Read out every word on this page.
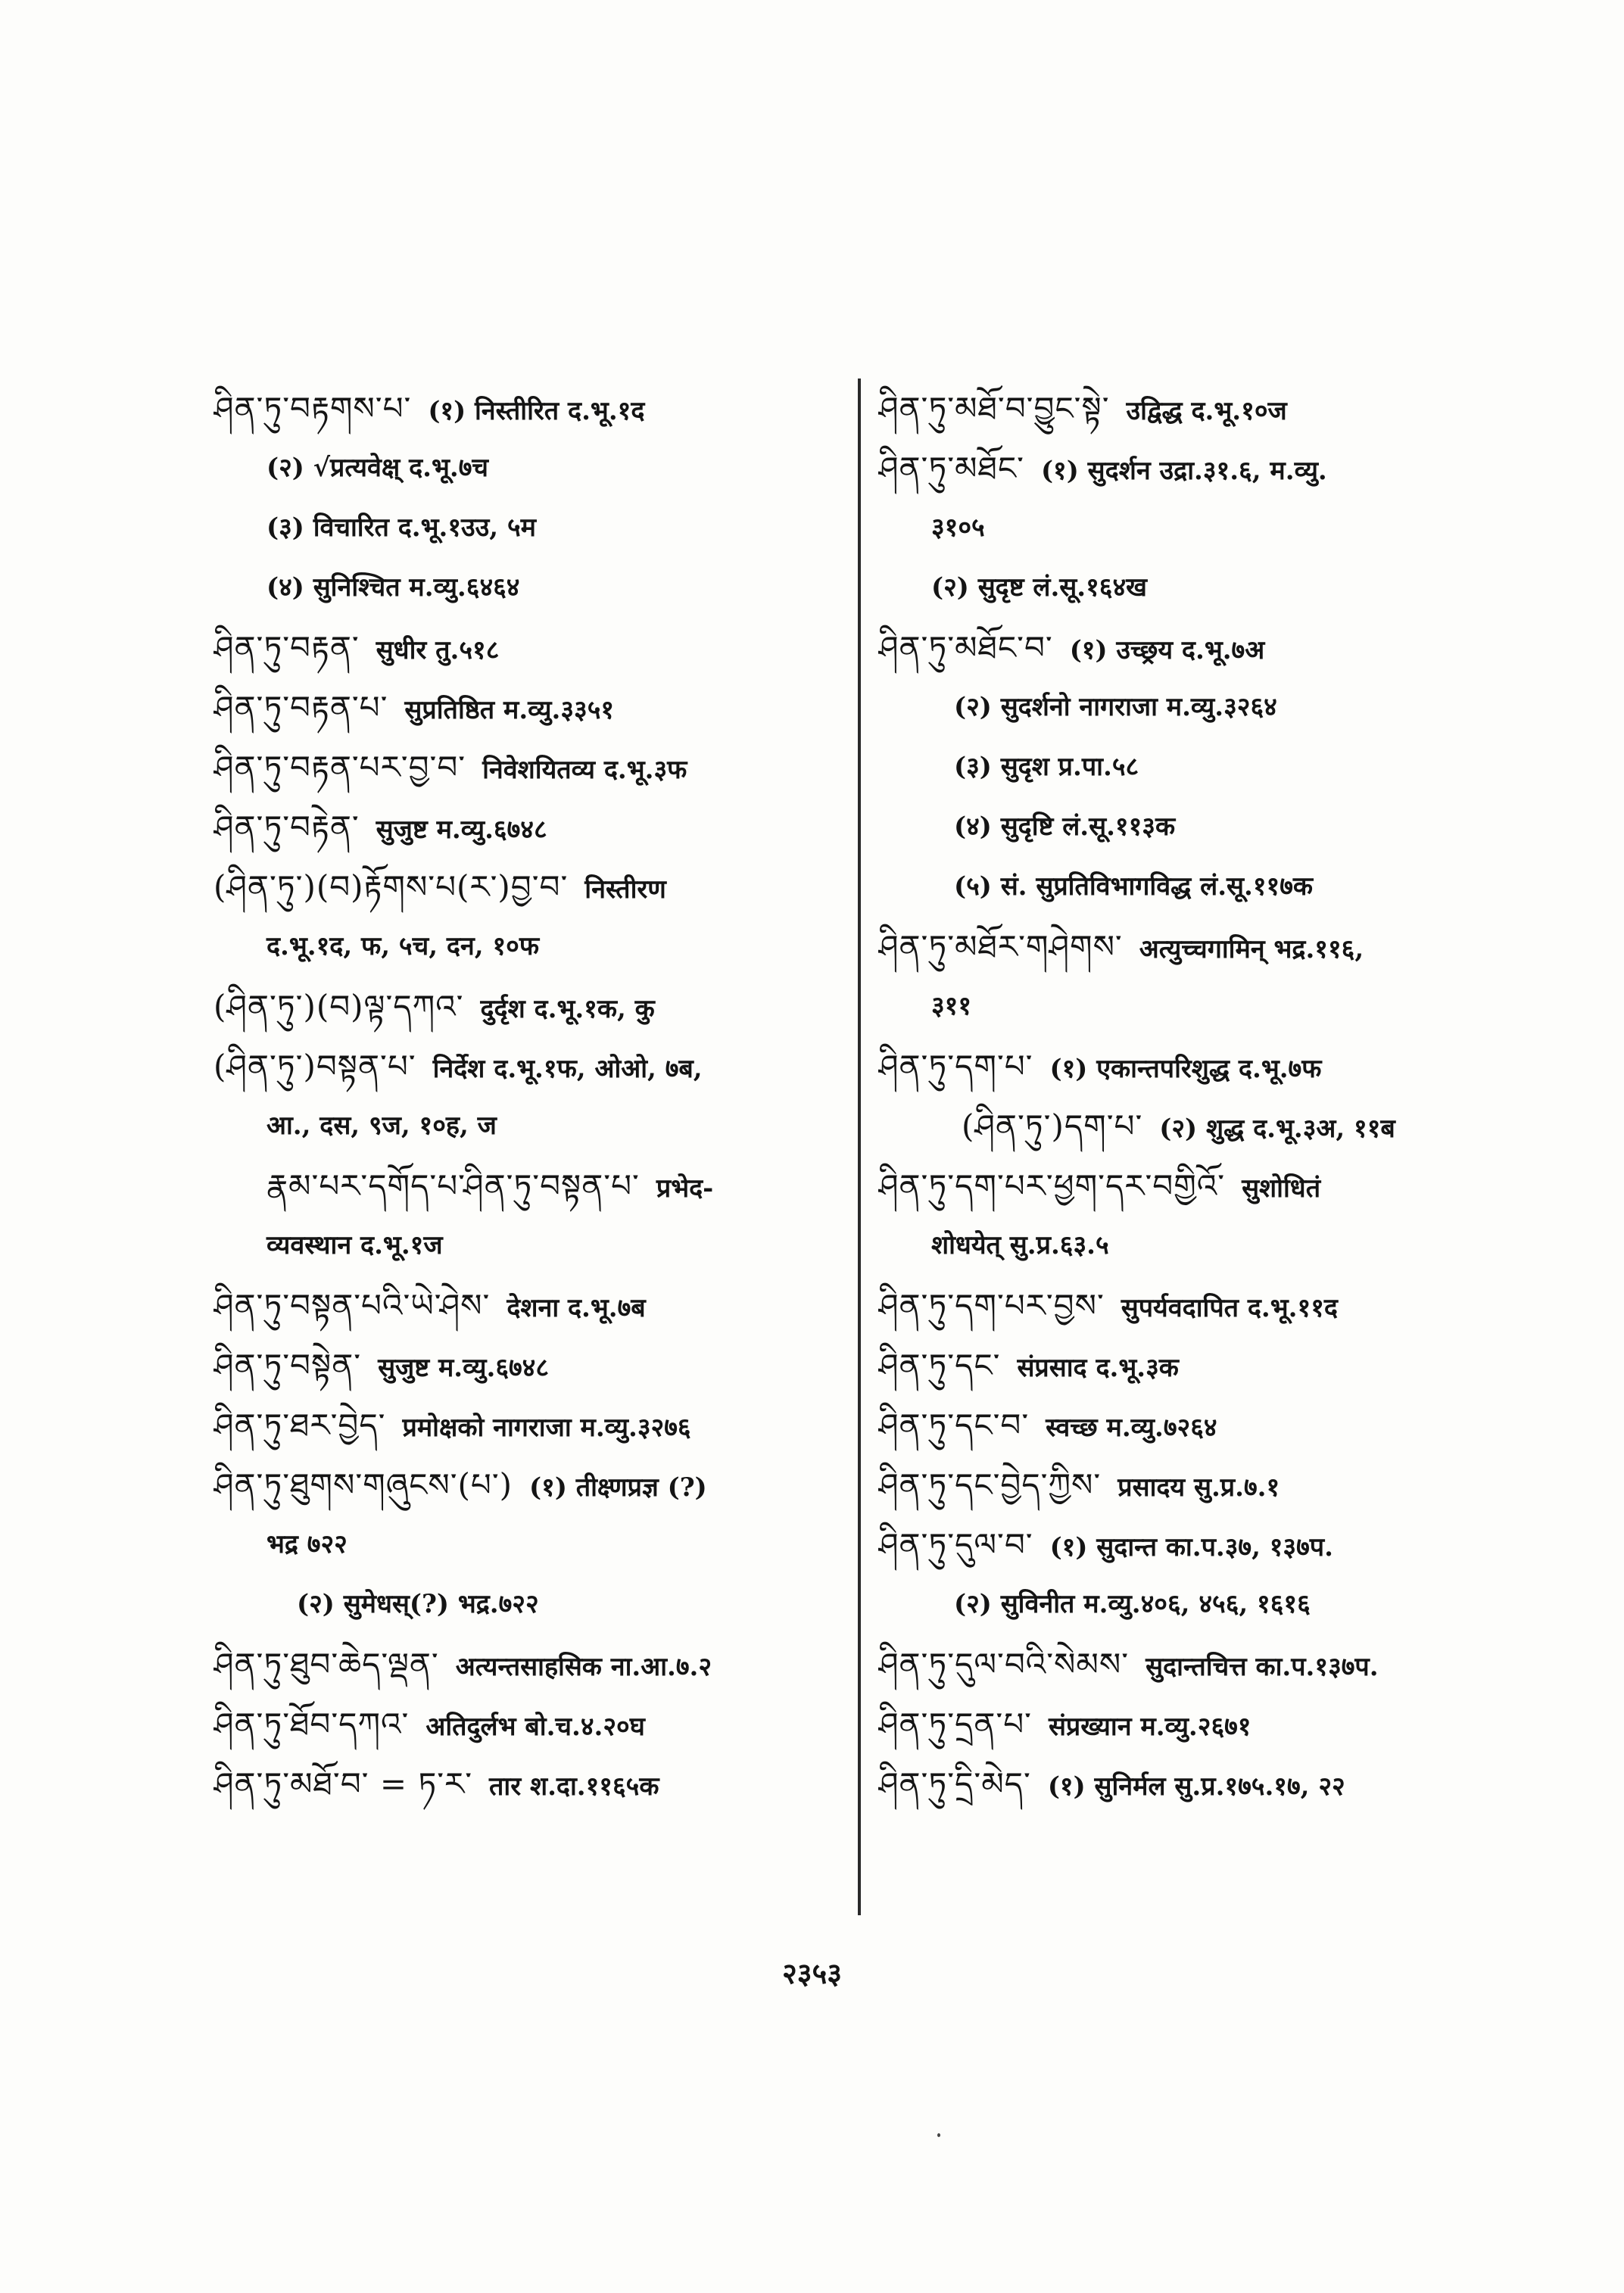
ཤིན་ཏུ་བརྟགས་པ་ (१) निस्तीरित द.भू.१द
(२) √प्रत्यवेक्ष् द.भू.७च
(३) विचारित द.भू.१उउ, ५म
(४) सुनिश्चित म.व्यु.६४६४
ཤིན་ཏུ་བརྟན་ सुधीर तु.५१८
ཤིན་ཏུ་བརྟན་པ་ सुप्रतिष्ठित म.व्यु.३३५१
ཤིན་ཏུ་བརྟན་པར་བྱ་བ་ निवेशयितव्य द.भू.३फ
ཤིན་ཏུ་བརྟེན་ सुजुष्ट म.व्यु.६७४८
(ཤིན་ཏུ་)(བ)རྟོགས་པ(ར་)བྱ་བ་ निस्तीरण
द.भू.१द, फ, ५च, दन, १०फ
(ཤིན་ཏུ་)(བ)ལྟ་དཀའ་ दुर्दृश द.भू.१क, कु
(ཤིན་ཏུ་)བསྟན་པ་ निर्देश द.भू.१फ, ओओ, ७ब,
आ., दस, ९ज, १०ह, ज
རྣམ་པར་དགོད་པ་ཤིན་ཏུ་བསྟན་པ་ प्रभेद-
व्यवस्थान द.भू.१ज
ཤིན་ཏུ་བསྟན་པའི་ཡེ་ཤེས་ देशना द.भू.७ब
ཤིན་ཏུ་བསྟེན་ सुजुष्ट म.व्यु.६७४८
ཤིན་ཏུ་ཐར་བྱེད་ प्रमोक्षको नागराजा म.व्यु.३२७६
ཤིན་ཏུ་ཐུགས་གཞུངས་(པ་) (१) तीक्ष्णप्रज्ञ (?)
भद्र ७२२
(२) सुमेधस्(?) भद्र.७२२
ཤིན་ཏུ་ཐུབ་ཆེད་ལྡན་ अत्यन्तसाहसिक ना.आ.७.२
ཤིན་ཏུ་ཐོབ་དཀའ་ अतिदुर्लभ बो.च.४.२०घ
ཤིན་ཏུ་མཐོ་བ་ = ཏ་ར་ तार श.दा.११६५क
ཤིན་ཏུ་མཐོ་བ་བྱུང་སྟེ་ उद्विद्ध द.भू.१०ज
ཤིན་ཏུ་མཐོང་ (१) सुदर्शन उद्रा.३१.६, म.व्यु.
३१०५
(२) सुदृष्ट लं.सू.१६४ख
ཤིན་ཏུ་མཐོང་བ་ (१) उच्छ्रय द.भू.७अ
(२) सुदर्शनो नागराजा म.व्यु.३२६४
(३) सुदृश प्र.पा.५८
(४) सुदृष्टि लं.सू.११३क
(५) सं. सुप्रतिविभागविद्ध लं.सू.११७क
ཤིན་ཏུ་མཐོར་གཤེགས་ अत्युच्चगामिन् भद्र.११६,
३११
ཤིན་ཏུ་དག་པ་ (१) एकान्तपरिशुद्ध द.भू.७फ
(ཤིན་ཏུ་)དག་པ་ (२) शुद्ध द.भू.३अ, ११ब
ཤིན་ཏུ་དག་པར་ཕྱག་དར་བགྱིའོ་ सुशोधितं
शोधयेत् सु.प्र.६३.५
ཤིན་ཏུ་དག་པར་བྱས་ सुपर्यवदापित द.भू.११द
ཤིན་ཏུ་དང་ संप्रसाद द.भू.३क
ཤིན་ཏུ་དང་བ་ स्वच्छ म.व्यु.७२६४
ཤིན་ཏུ་དང་བྱེད་ཀྱིས་ प्रसादय सु.प्र.७.१
ཤིན་ཏུ་དུལ་བ་ (१) सुदान्त का.प.३७, १३७प.
(२) सुविनीत म.व्यु.४०६, ४५६, १६१६
ཤིན་ཏུ་དུལ་བའི་སེམས་ सुदान्तचित्त का.प.१३७प.
ཤིན་ཏུ་དྲན་པ་ संप्रख्यान म.व्यु.२६७१
ཤིན་ཏུ་དྲི་མེད་ (१) सुनिर्मल सु.प्र.१७५.१७, २२
२३५३
